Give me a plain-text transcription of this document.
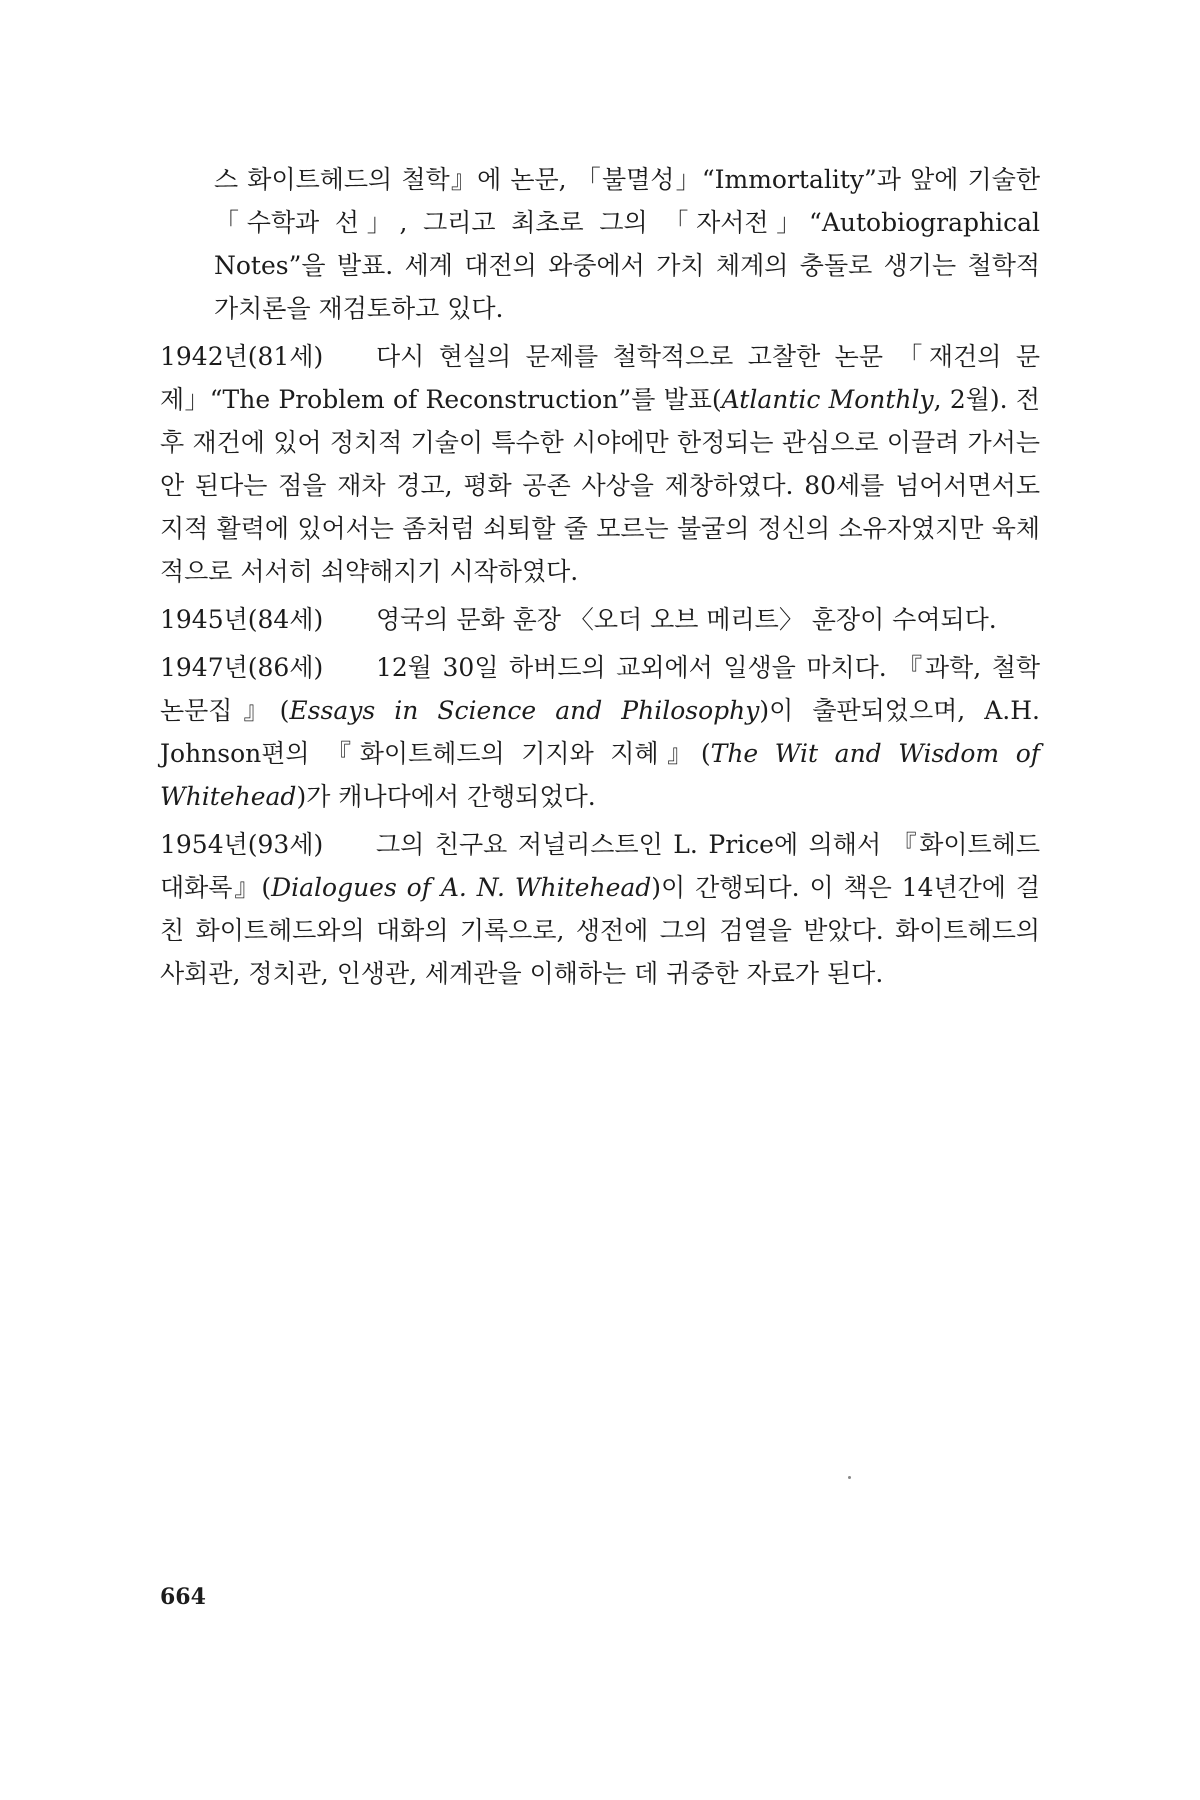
스 화이트헤드의 철학』에 논문, 「불멸성」“Immortality”과 앞에 기술한 「수학과 선」, 그리고 최초로 그의 「자서전」“Autobiographical Notes”을 발표. 세계 대전의 와중에서 가치 체계의 충돌로 생기는 철학적 가치론을 재검토하고 있다.
1942년(81세) 다시 현실의 문제를 철학적으로 고찰한 논문 「재건의 문제」“The Problem of Reconstruction”를 발표(Atlantic Monthly, 2월). 전후 재건에 있어 정치적 기술이 특수한 시야에만 한정되는 관심으로 이끌려 가서는 안 된다는 점을 재차 경고, 평화 공존 사상을 제창하였다. 80세를 넘어서면서도 지적 활력에 있어서는 좀처럼 쇠퇴할 줄 모르는 불굴의 정신의 소유자였지만 육체적으로 서서히 쇠약해지기 시작하였다.
1945년(84세) 영국의 문화 훈장 〈오더 오브 메리트〉 훈장이 수여되다.
1947년(86세) 12월 30일 하버드의 교외에서 일생을 마치다. 『과학, 철학 논문집』(Essays in Science and Philosophy)이 출판되었으며, A.H. Johnson편의 『화이트헤드의 기지와 지혜』(The Wit and Wisdom of Whitehead)가 캐나다에서 간행되었다.
1954년(93세) 그의 친구요 저널리스트인 L. Price에 의해서 『화이트헤드 대화록』(Dialogues of A. N. Whitehead)이 간행되다. 이 책은 14년간에 걸친 화이트헤드와의 대화의 기록으로, 생전에 그의 검열을 받았다. 화이트헤드의 사회관, 정치관, 인생관, 세계관을 이해하는 데 귀중한 자료가 된다.
664
